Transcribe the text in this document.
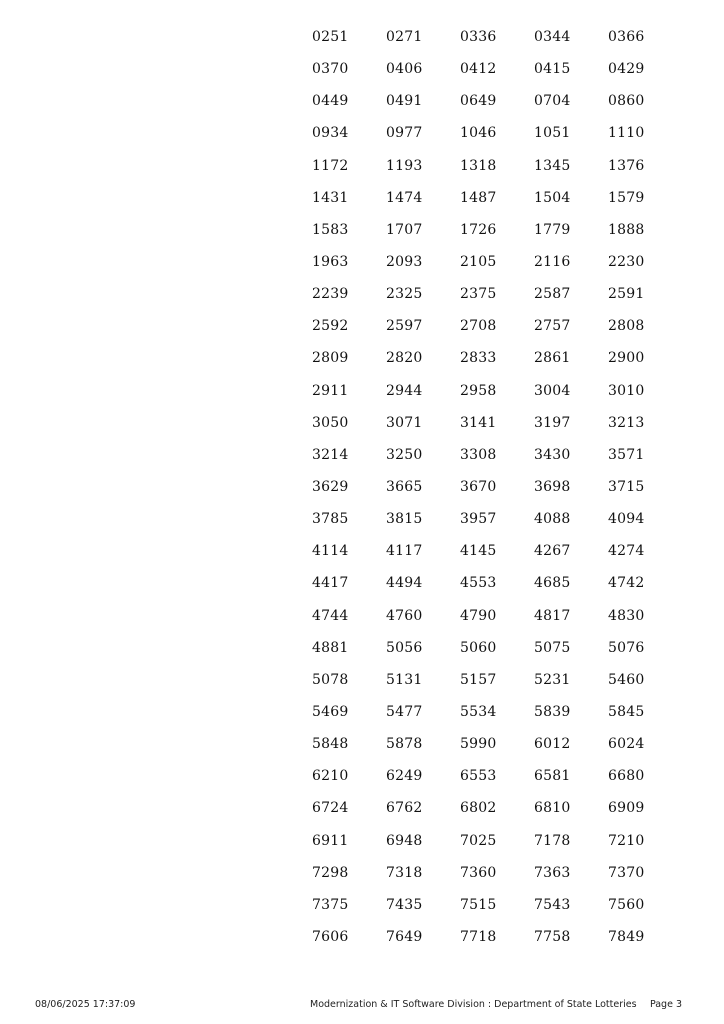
0251	0271	0336	0344	0366
0370	0406	0412	0415	0429
0449	0491	0649	0704	0860
0934	0977	1046	1051	1110
1172	1193	1318	1345	1376
1431	1474	1487	1504	1579
1583	1707	1726	1779	1888
1963	2093	2105	2116	2230
2239	2325	2375	2587	2591
2592	2597	2708	2757	2808
2809	2820	2833	2861	2900
2911	2944	2958	3004	3010
3050	3071	3141	3197	3213
3214	3250	3308	3430	3571
3629	3665	3670	3698	3715
3785	3815	3957	4088	4094
4114	4117	4145	4267	4274
4417	4494	4553	4685	4742
4744	4760	4790	4817	4830
4881	5056	5060	5075	5076
5078	5131	5157	5231	5460
5469	5477	5534	5839	5845
5848	5878	5990	6012	6024
6210	6249	6553	6581	6680
6724	6762	6802	6810	6909
6911	6948	7025	7178	7210
7298	7318	7360	7363	7370
7375	7435	7515	7543	7560
7606	7649	7718	7758	7849
08/06/2025 17:37:09	Modernization & IT Software Division : Department of State Lotteries Page 3
